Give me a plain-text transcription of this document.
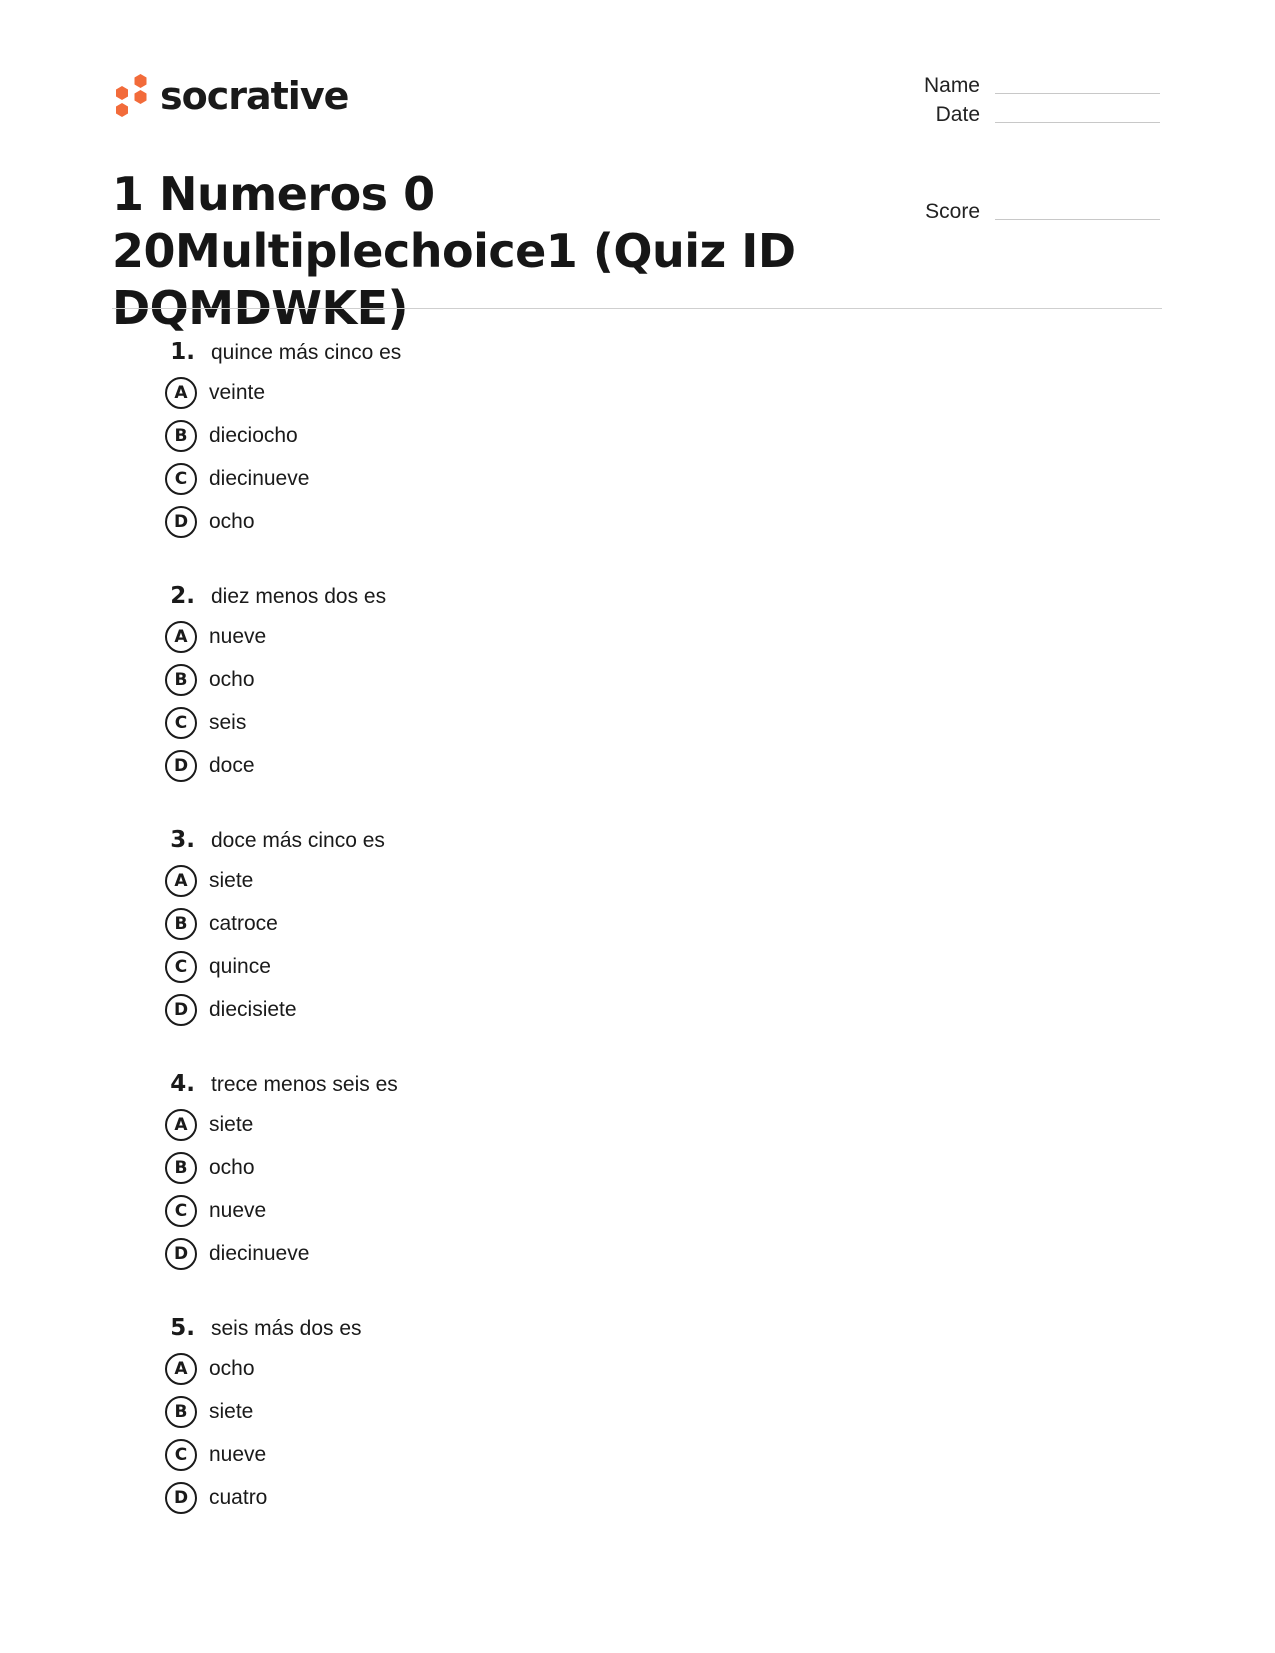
socrative	Name
Date
Score
1 Numeros 0 20Multiplechoice1 (Quiz ID DQMDWKE)
1. quince más cinco es
A	veinte
B	dieciocho
C	diecinueve
D ocho
2. diez menos dos es
A	nueve
B	ocho
C	seis
D doce
3. doce más cinco es
A	siete
B	catroce
C	quince
D diecisiete
4. trece menos seis es
A	siete
B	ocho
C	nueve
D diecinueve
5. seis más dos es
A	ocho
B	siete
C	nueve
D cuatro
